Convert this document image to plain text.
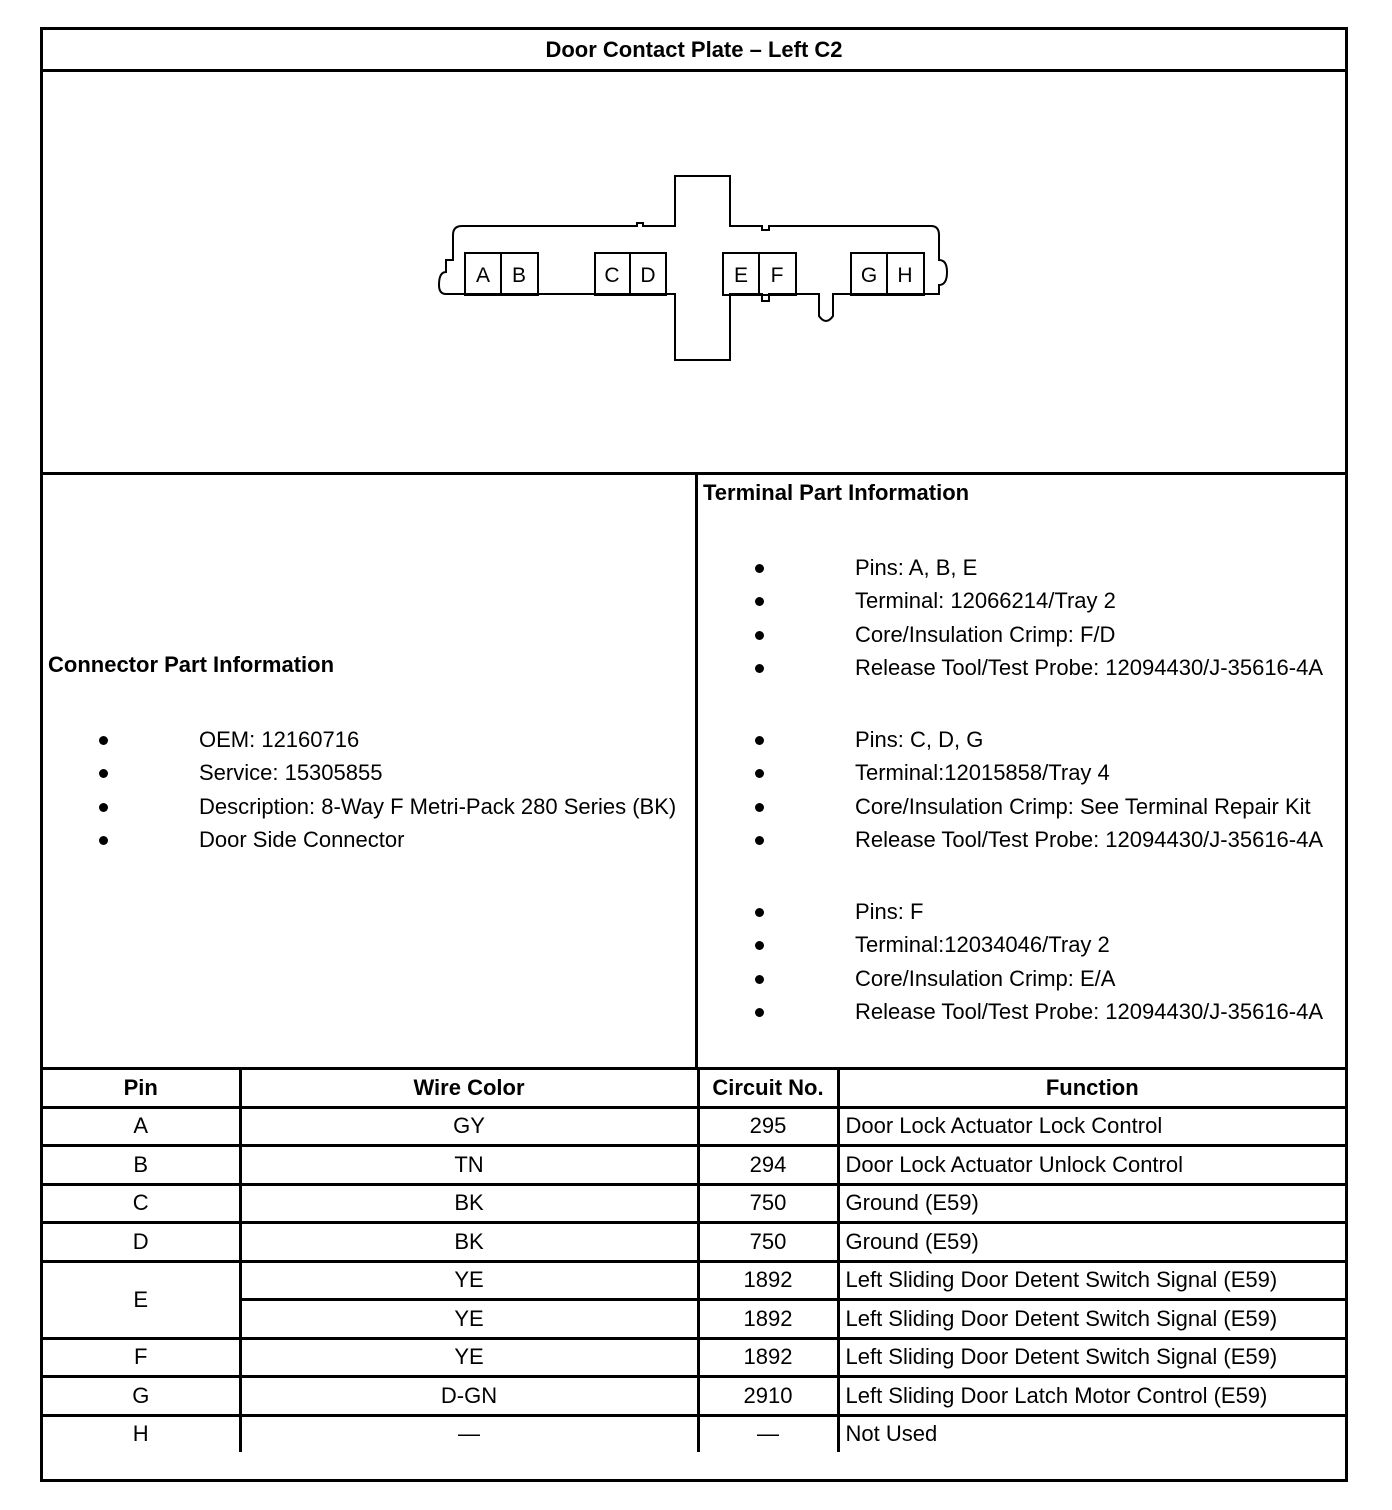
Door Contact Plate – Left C2
A B	C D	E F	G H
Connector Part Information
OEM: 12160716
Service: 15305855
Description: 8-Way F Metri-Pack 280 Series (BK)
Door Side Connector
Terminal Part Information
Pins: A, B, E
Terminal: 12066214/Tray 2
Core/Insulation Crimp: F/D
Release Tool/Test Probe: 12094430/J-35616-4A
Pins: C, D, G
Terminal:12015858/Tray 4
Core/Insulation Crimp: See Terminal Repair Kit
Release Tool/Test Probe: 12094430/J-35616-4A
Pins: F
Terminal:12034046/Tray 2
Core/Insulation Crimp: E/A
Release Tool/Test Probe: 12094430/J-35616-4A
Pin	Wire Color	Circuit No.	Function
A	GY	295	Door Lock Actuator Lock Control
B	TN	294	Door Lock Actuator Unlock Control
C	BK	750	Ground (E59)
D	BK	750	Ground (E59)
E	YE	1892	Left Sliding Door Detent Switch Signal (E59)
	YE	1892	Left Sliding Door Detent Switch Signal (E59)
F	YE	1892	Left Sliding Door Detent Switch Signal (E59)
G	D-GN	2910	Left Sliding Door Latch Motor Control (E59)
H	—	—	Not Used
